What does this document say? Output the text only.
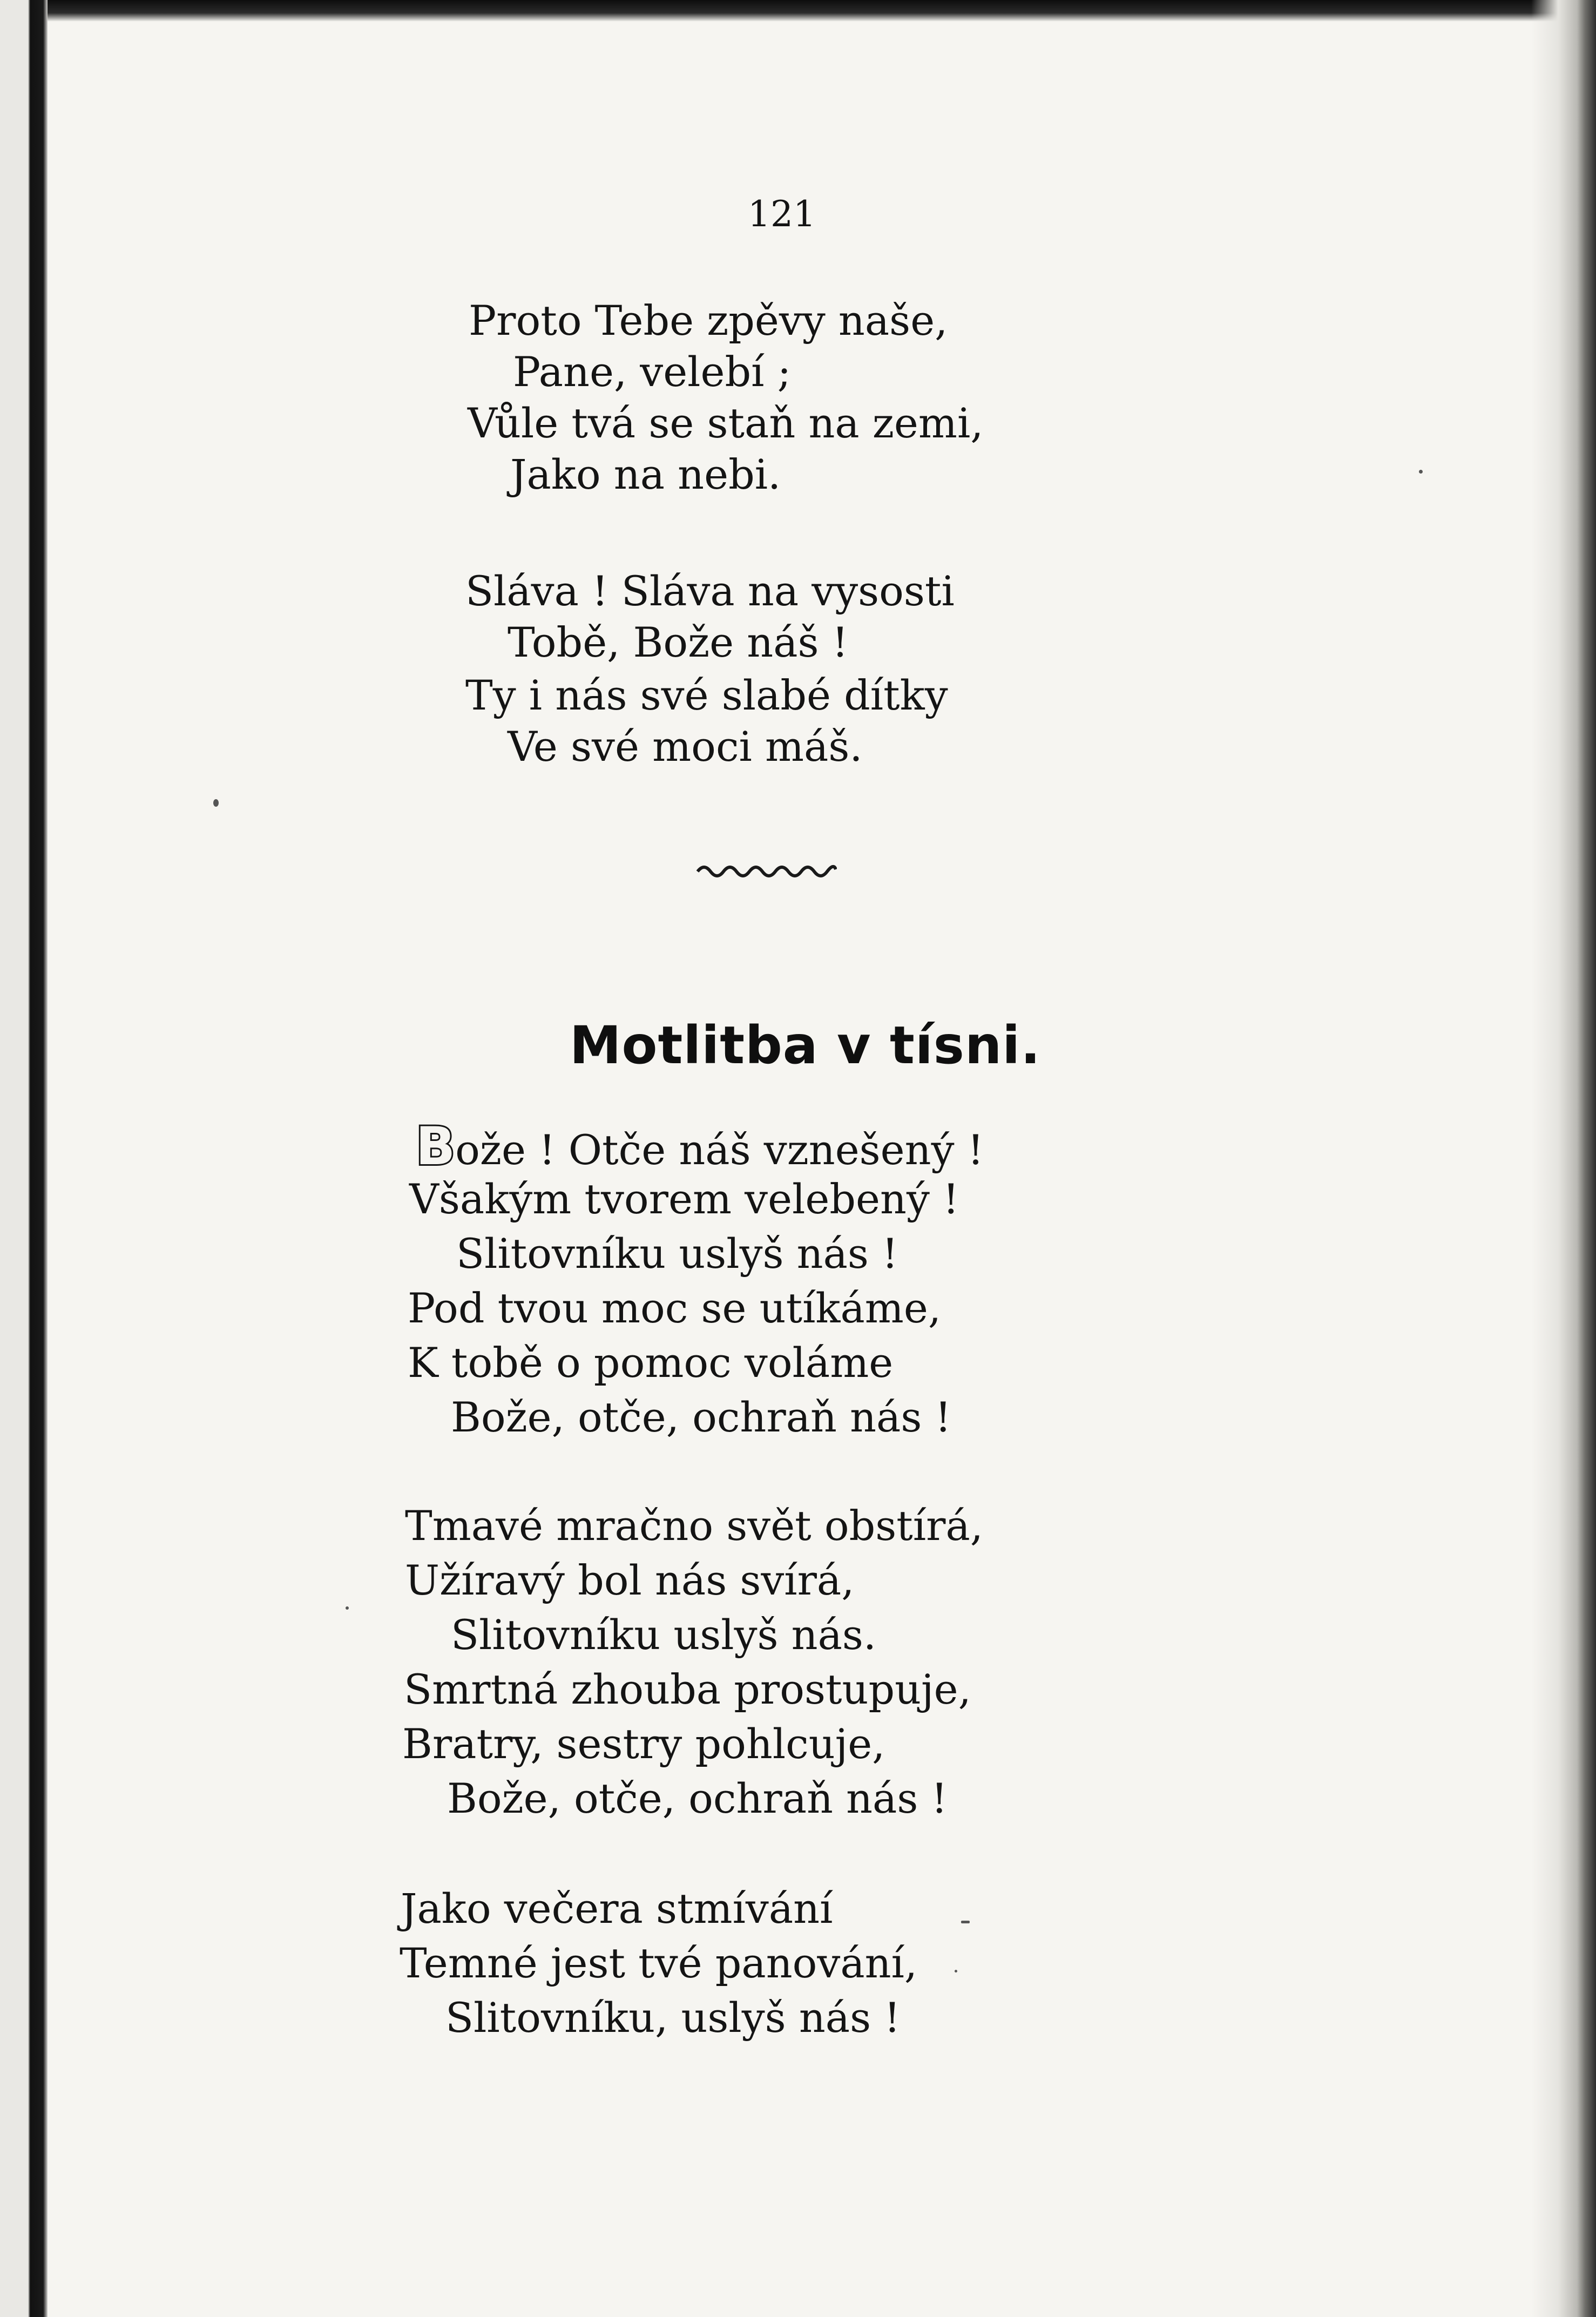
121
Proto Tebe zpěvy naše,
Pane, velebí ;
Vůle tvá se staň na zemi,
Jako na nebi.
Sláva ! Sláva na vysosti
Tobě, Bože náš !
Ty i nás své slabé dítky
Ve své moci máš.
Motlitba v tísni.
Bože ! Otče náš vznešený !
Všakým tvorem velebený !
Slitovníku uslyš nás !
Pod tvou moc se utíkáme,
K tobě o pomoc voláme
Bože, otče, ochraň nás !
Tmavé mračno svět obstírá,
Užíravý bol nás svírá,
Slitovníku uslyš nás.
Smrtná zhouba prostupuje,
Bratry, sestry pohlcuje,
Bože, otče, ochraň nás !
Jako večera stmívání
Temné jest tvé panování,
Slitovníku, uslyš nás !
